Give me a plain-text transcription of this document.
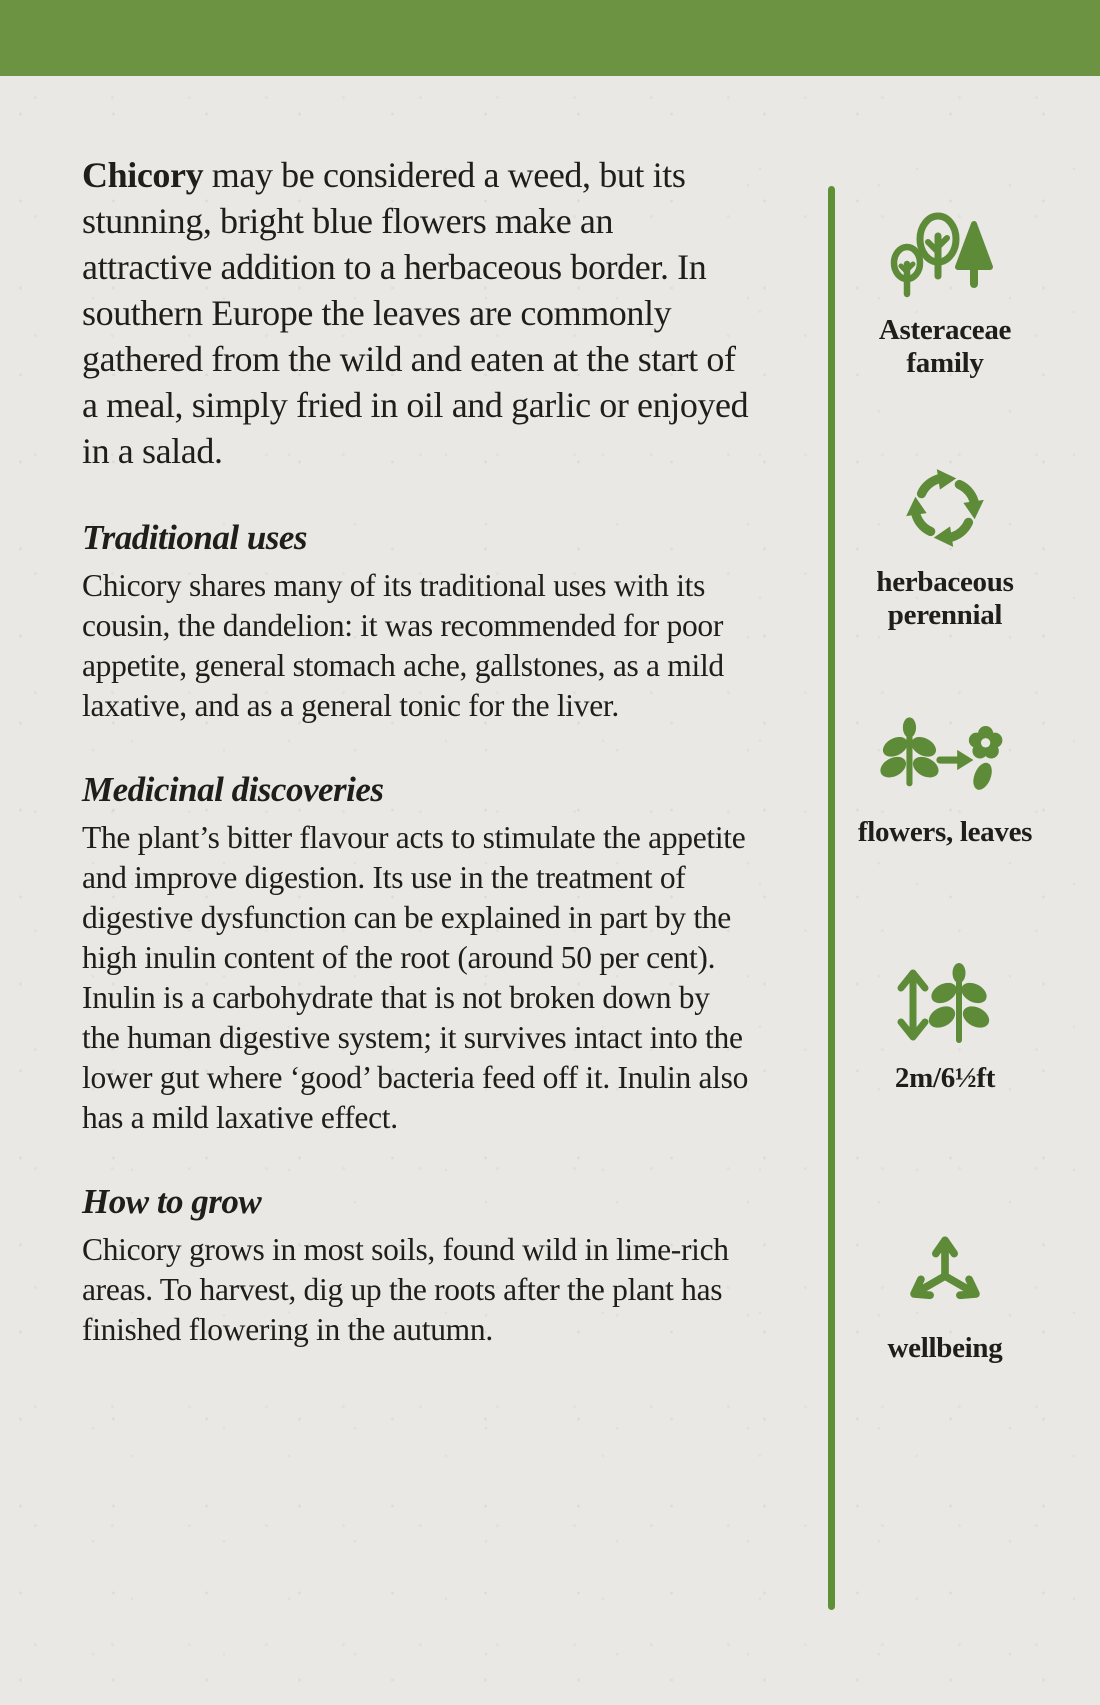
Chicory may be considered a weed, but its stunning, bright blue flowers make an attractive addition to a herbaceous border. In southern Europe the leaves are commonly gathered from the wild and eaten at the start of a meal, simply fried in oil and garlic or enjoyed in a salad.

Traditional uses

Chicory shares many of its traditional uses with its cousin, the dandelion: it was recommended for poor appetite, general stomach ache, gallstones, as a mild laxative, and as a general tonic for the liver.

Medicinal discoveries

The plant’s bitter flavour acts to stimulate the appetite and improve digestion. Its use in the treatment of digestive dysfunction can be explained in part by the high inulin content of the root (around 50 per cent). Inulin is a carbohydrate that is not broken down by the human digestive system; it survives intact into the lower gut where ‘good’ bacteria feed off it. Inulin also has a mild laxative effect.

How to grow

Chicory grows in most soils, found wild in lime-rich areas. To harvest, dig up the roots after the plant has finished flowering in the autumn.

Asteraceae family
herbaceous perennial
flowers, leaves
2m/6½ft
wellbeing
